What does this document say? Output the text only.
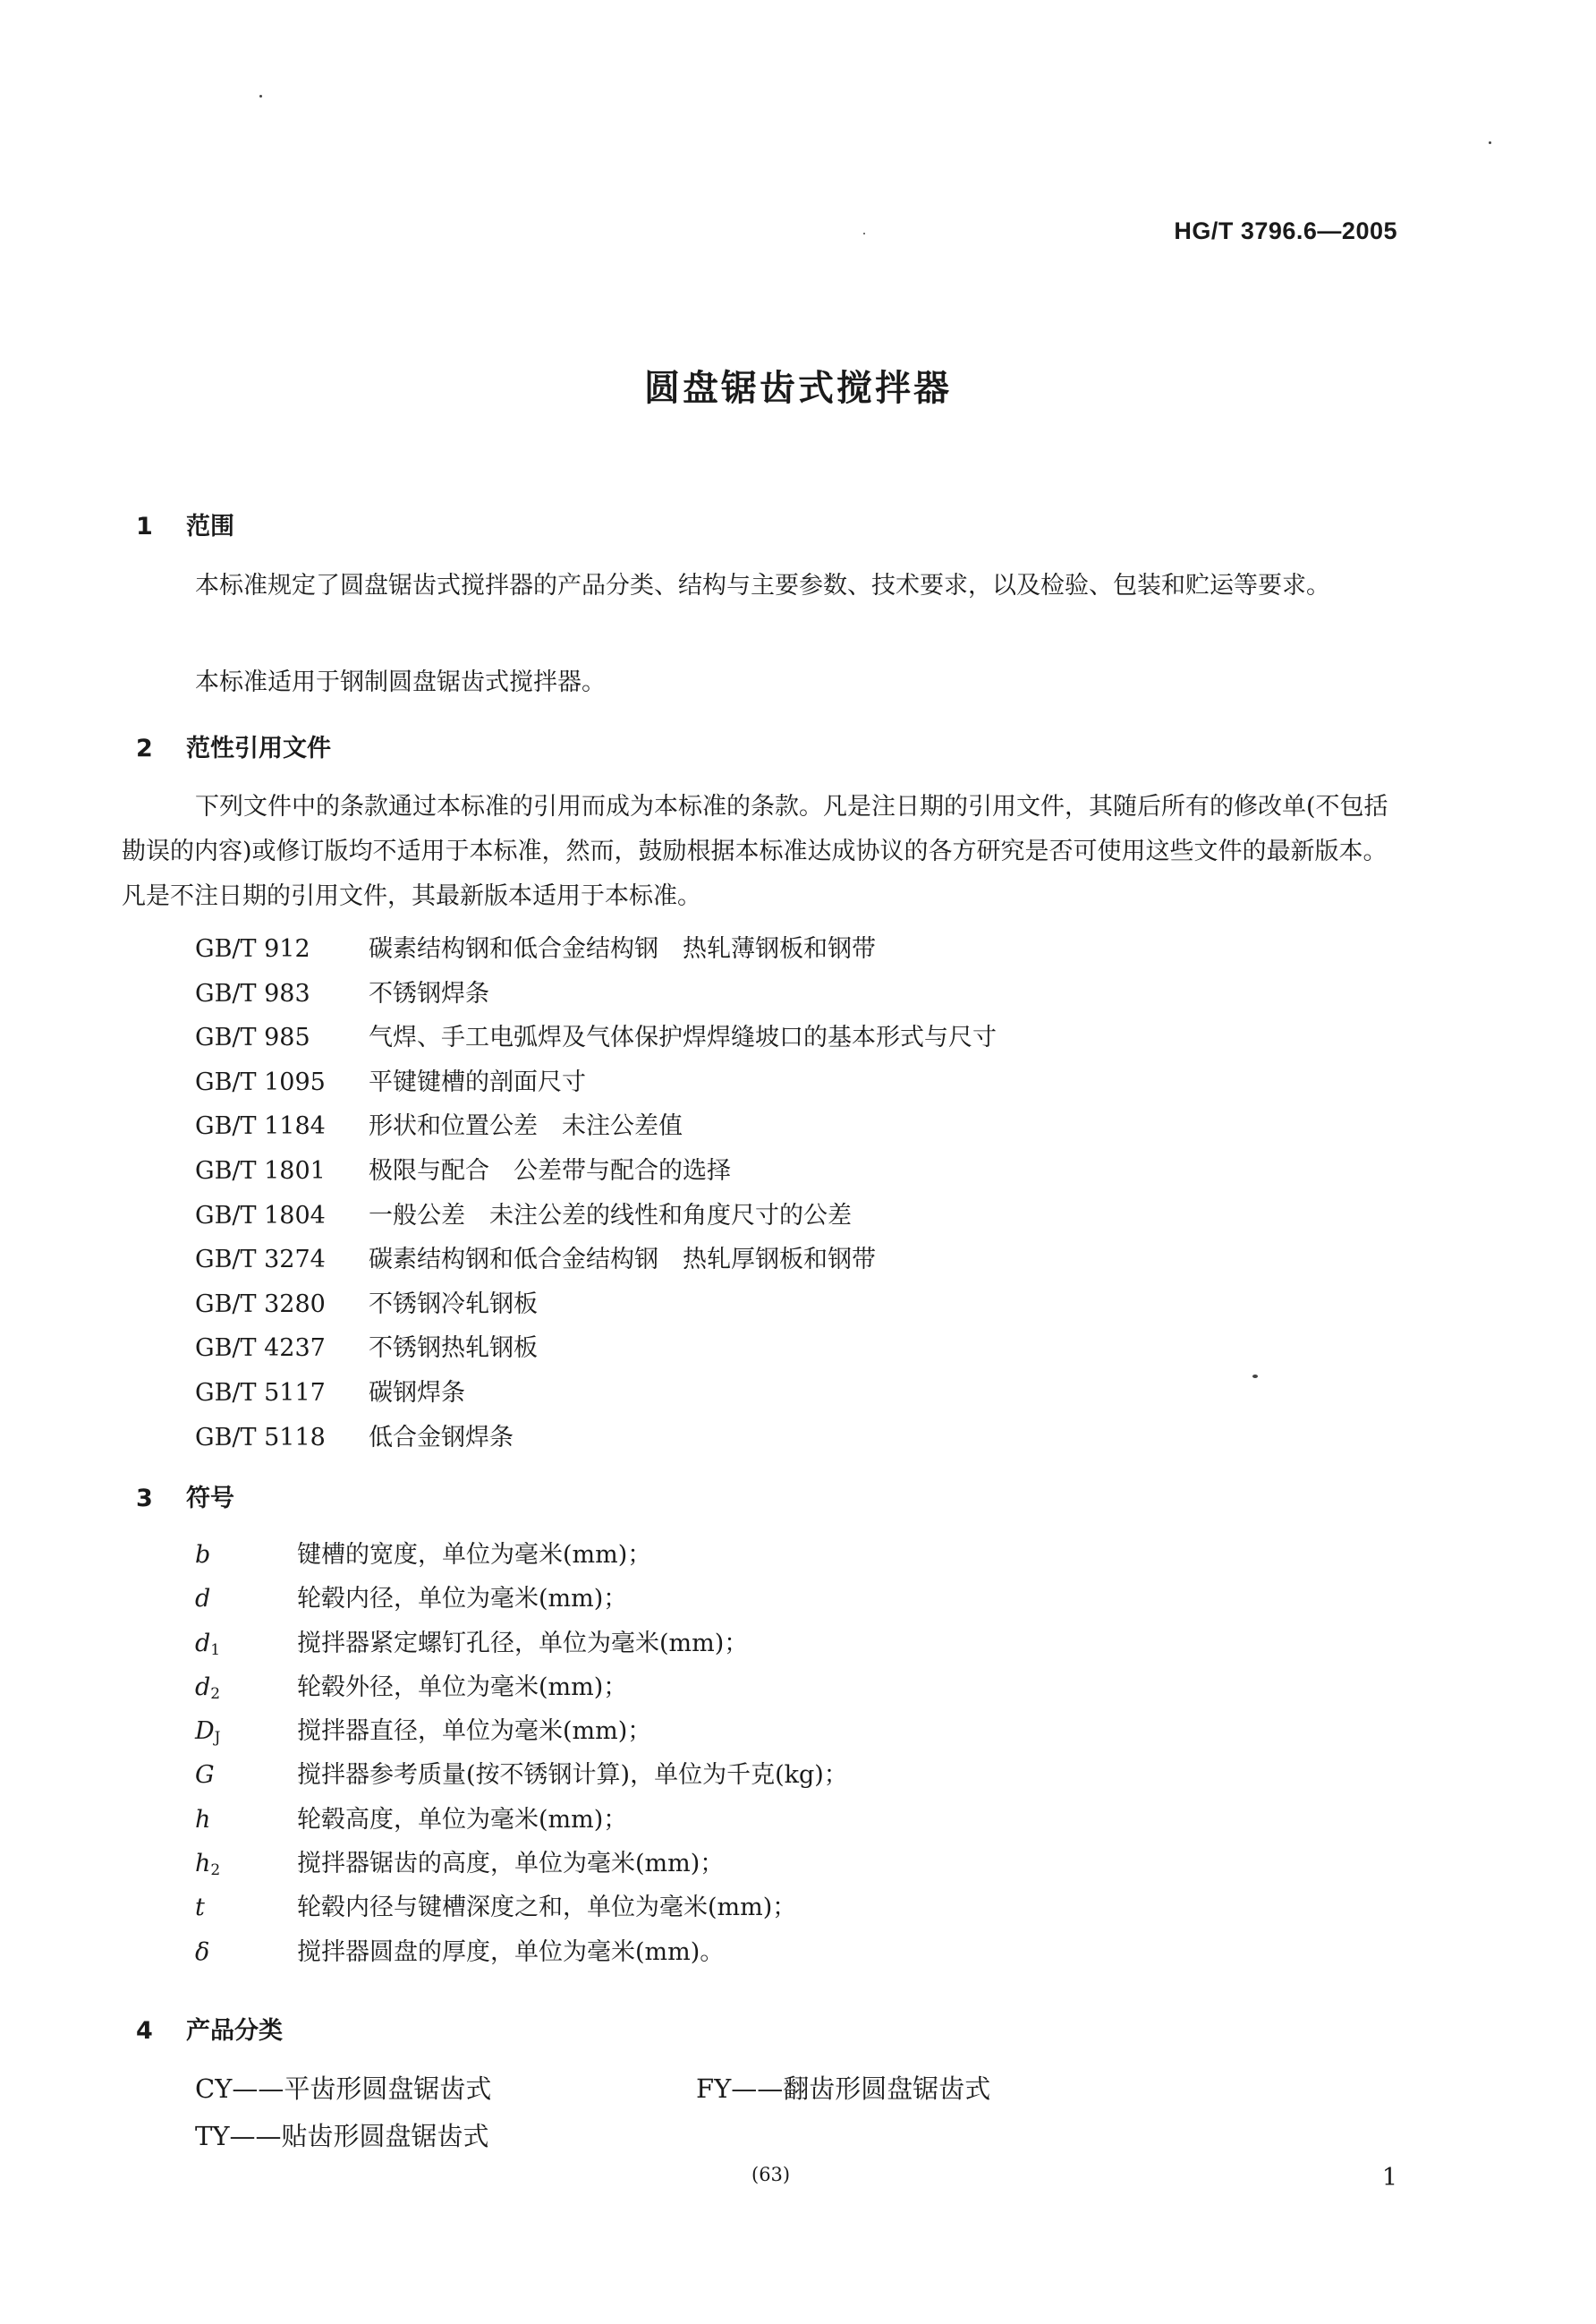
HG/T 3796.6—2005
圆盘锯齿式搅拌器
1 范围
本标准规定了圆盘锯齿式搅拌器的产品分类、结构与主要参数、技术要求，以及检验、包装和贮运等要求。
本标准适用于钢制圆盘锯齿式搅拌器。
2 范性引用文件
下列文件中的条款通过本标准的引用而成为本标准的条款。凡是注日期的引用文件，其随后所有的修改单(不包括勘误的内容)或修订版均不适用于本标准，然而，鼓励根据本标准达成协议的各方研究是否可使用这些文件的最新版本。凡是不注日期的引用文件，其最新版本适用于本标准。
GB/T 912 碳素结构钢和低合金结构钢　热轧薄钢板和钢带
GB/T 983 不锈钢焊条
GB/T 985 气焊、手工电弧焊及气体保护焊焊缝坡口的基本形式与尺寸
GB/T 1095 平键键槽的剖面尺寸
GB/T 1184 形状和位置公差　未注公差值
GB/T 1801 极限与配合　公差带与配合的选择
GB/T 1804 一般公差　未注公差的线性和角度尺寸的公差
GB/T 3274 碳素结构钢和低合金结构钢　热轧厚钢板和钢带
GB/T 3280 不锈钢冷轧钢板
GB/T 4237 不锈钢热轧钢板
GB/T 5117 碳钢焊条
GB/T 5118 低合金钢焊条
3 符号
b	键槽的宽度，单位为毫米(mm)；
d	轮毂内径，单位为毫米(mm)；
$d_1$	搅拌器紧定螺钉孔径，单位为毫米(mm)；
$d_2$	轮毂外径，单位为毫米(mm)；
$D_J$	搅拌器直径，单位为毫米(mm)；
G	搅拌器参考质量(按不锈钢计算)，单位为千克(kg)；
h	轮毂高度，单位为毫米(mm)；
$h_2$	搅拌器锯齿的高度，单位为毫米(mm)；
t	轮毂内径与键槽深度之和，单位为毫米(mm)；
δ	搅拌器圆盘的厚度，单位为毫米(mm)。
4 产品分类
CY——平齿形圆盘锯齿式	FY——翻齿形圆盘锯齿式
TY——贴齿形圆盘锯齿式
(63)	1
